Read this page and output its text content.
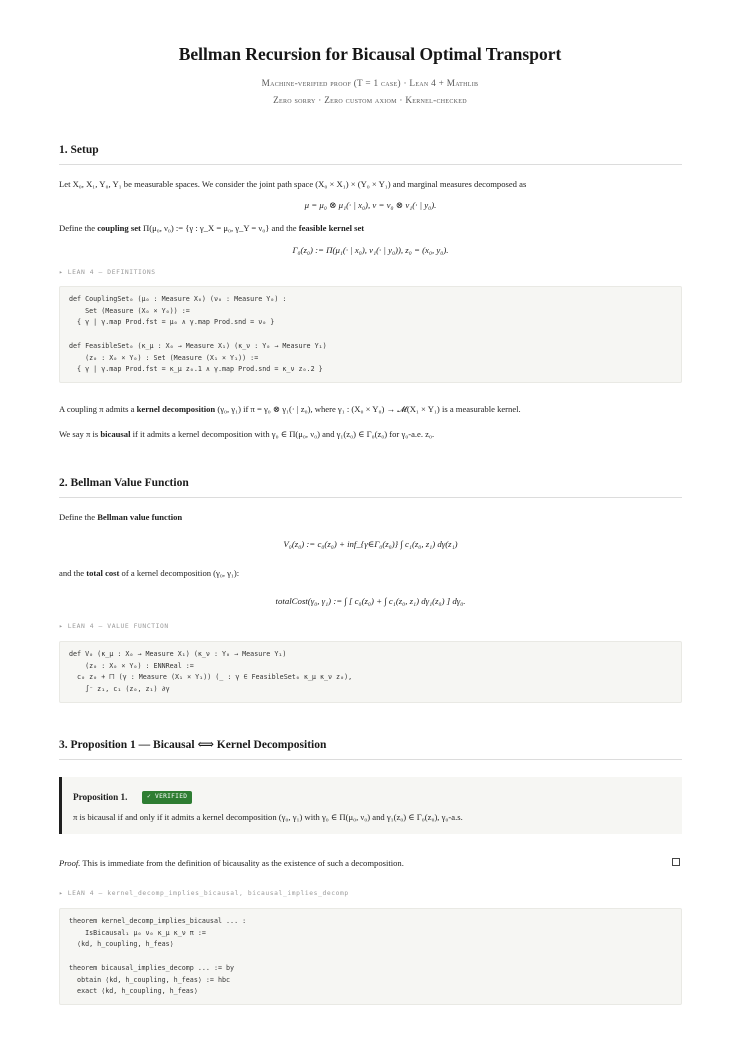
Bellman Recursion for Bicausal Optimal Transport
Machine-verified proof (T = 1 case) · Lean 4 + Mathlib
Zero sorry · Zero custom axiom · Kernel-checked
1. Setup
Let X₀, X₁, Y₀, Y₁ be measurable spaces. We consider the joint path space (X₀ × X₁) × (Y₀ × Y₁) and marginal measures decomposed as
μ = μ₀ ⊗ μ₁(· | x₀), ν = ν₀ ⊗ ν₁(· | y₀).
Define the coupling set Π(μ₀, ν₀) := {γ : γ_X = μ₀, γ_Y = ν₀} and the feasible kernel set
Γ₀(z₀) := Π(μ₁(· | x₀), ν₁(· | y₀)), z₀ = (x₀, y₀).
▸ LEAN 4 — DEFINITIONS
def CouplingSet₀ (μ₀ : Measure X₀) (ν₀ : Measure Y₀) :
Set (Measure (X₀ × Y₀)) :=
{ γ | γ.map Prod.fst = μ₀ ∧ γ.map Prod.snd = ν₀ }

def FeasibleSet₀ (κ_μ : X₀ → Measure X₁) (κ_ν : Y₀ → Measure Y₁)
(z₀ : X₀ × Y₀) : Set (Measure (X₁ × Y₁)) :=
{ γ | γ.map Prod.fst = κ_μ z₀.1 ∧ γ.map Prod.snd = κ_ν z₀.2 }
A coupling π admits a kernel decomposition (γ₀, γ₁) if π = γ₀ ⊗ γ₁(· | z₀), where γ₁ : (X₀ × Y₀) → 𝓜(X₁ × Y₁) is a measurable kernel.
We say π is bicausal if it admits a kernel decomposition with γ₀ ∈ Π(μ₀, ν₀) and γ₁(z₀) ∈ Γ₀(z₀) for γ₀-a.e. z₀.
2. Bellman Value Function
Define the Bellman value function
V₀(z₀) := c₀(z₀) + inf_{γ∈Γ₀(z₀)} ∫ c₁(z₀, z₁) dγ(z₁)
and the total cost of a kernel decomposition (γ₀, γ₁):
totalCost(γ₀, γ₁) := ∫ [ c₀(z₀) + ∫ c₁(z₀, z₁) dγ₁(z₀) ] dγ₀.
▸ LEAN 4 — VALUE FUNCTION
def V₀ (κ_μ : X₀ → Measure X₁) (κ_ν : Y₀ → Measure Y₁)
(z₀ : X₀ × Y₀) : ENNReal :=
c₀ z₀ + ⨅ (γ : Measure (X₁ × Y₁)) (_ : γ ∈ FeasibleSet₀ κ_μ κ_ν z₀),
∫⁻ z₁, c₁ (z₀, z₁) ∂γ
3. Proposition 1 — Bicausal ⟺ Kernel Decomposition
Proposition 1.	✓ VERIFIED
π is bicausal if and only if it admits a kernel decomposition (γ₀, γ₁) with γ₀ ∈ Π(μ₀, ν₀) and γ₁(z₀) ∈ Γ₀(z₀), γ₀-a.s.
Proof. This is immediate from the definition of bicausality as the existence of such a decomposition.
▸ LEAN 4 — kernel_decomp_implies_bicausal, bicausal_implies_decomp
theorem kernel_decomp_implies_bicausal ... :
IsBicausal₁ μ₀ ν₀ κ_μ κ_ν π :=
⟨kd, h_coupling, h_feas⟩

theorem bicausal_implies_decomp ... := by
obtain ⟨kd, h_coupling, h_feas⟩ := hbc
exact ⟨kd, h_coupling, h_feas⟩
